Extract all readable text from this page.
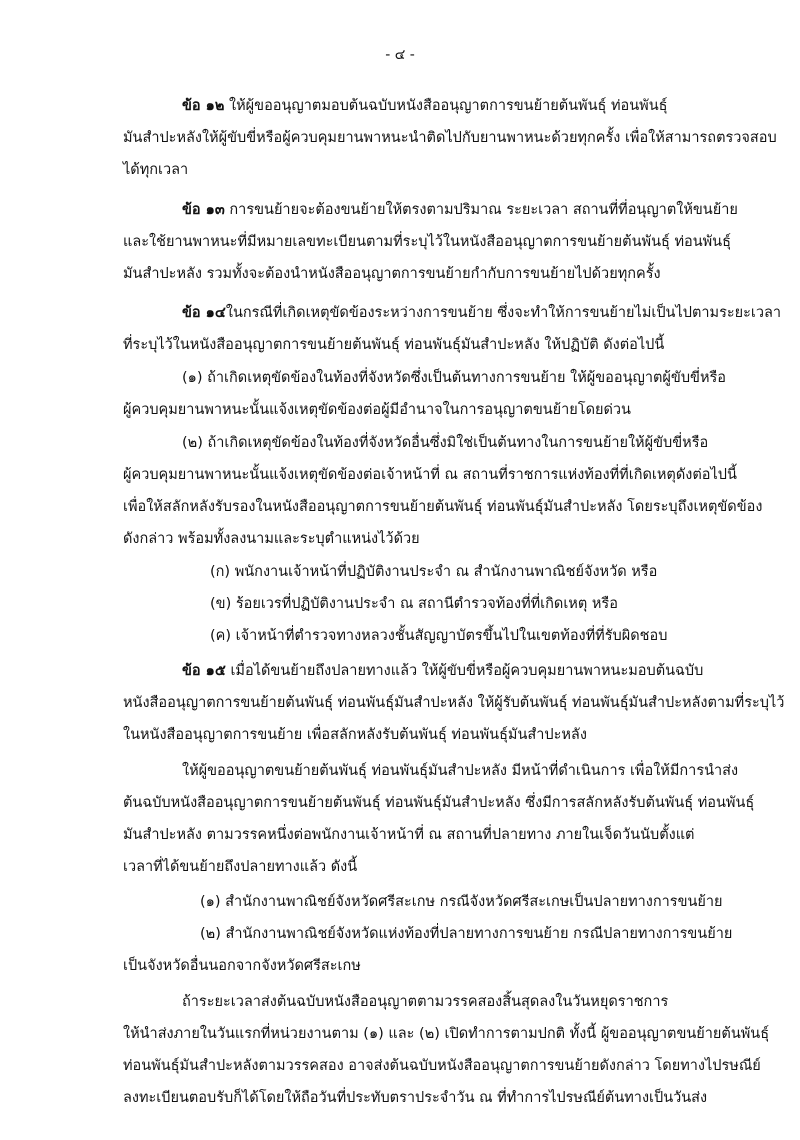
- ๔ -
ข้อ ๑๒ ให้ผู้ขออนุญาตมอบต้นฉบับหนังสืออนุญาตการขนย้ายต้นพันธุ์ ท่อนพันธุ์
มันสำปะหลังให้ผู้ขับขี่หรือผู้ควบคุมยานพาหนะนำติดไปกับยานพาหนะด้วยทุกครั้ง เพื่อให้สามารถตรวจสอบ
ได้ทุกเวลา
ข้อ ๑๓ การขนย้ายจะต้องขนย้ายให้ตรงตามปริมาณ ระยะเวลา สถานที่ที่อนุญาตให้ขนย้าย
และใช้ยานพาหนะที่มีหมายเลขทะเบียนตามที่ระบุไว้ในหนังสืออนุญาตการขนย้ายต้นพันธุ์ ท่อนพันธุ์
มันสำปะหลัง รวมทั้งจะต้องนำหนังสืออนุญาตการขนย้ายกำกับการขนย้ายไปด้วยทุกครั้ง
ข้อ ๑๔ในกรณีที่เกิดเหตุขัดข้องระหว่างการขนย้าย ซึ่งจะทำให้การขนย้ายไม่เป็นไปตามระยะเวลา
ที่ระบุไว้ในหนังสืออนุญาตการขนย้ายต้นพันธุ์ ท่อนพันธุ์มันสำปะหลัง ให้ปฏิบัติ ดังต่อไปนี้
(๑) ถ้าเกิดเหตุขัดข้องในท้องที่จังหวัดซึ่งเป็นต้นทางการขนย้าย ให้ผู้ขออนุญาตผู้ขับขี่หรือ
ผู้ควบคุมยานพาหนะนั้นแจ้งเหตุขัดข้องต่อผู้มีอำนาจในการอนุญาตขนย้ายโดยด่วน
(๒) ถ้าเกิดเหตุขัดข้องในท้องที่จังหวัดอื่นซึ่งมิใช่เป็นต้นทางในการขนย้ายให้ผู้ขับขี่หรือ
ผู้ควบคุมยานพาหนะนั้นแจ้งเหตุขัดข้องต่อเจ้าหน้าที่ ณ สถานที่ราชการแห่งท้องที่ที่เกิดเหตุดังต่อไปนี้
เพื่อให้สลักหลังรับรองในหนังสืออนุญาตการขนย้ายต้นพันธุ์ ท่อนพันธุ์มันสำปะหลัง โดยระบุถึงเหตุขัดข้อง
ดังกล่าว พร้อมทั้งลงนามและระบุตำแหน่งไว้ด้วย
(ก) พนักงานเจ้าหน้าที่ปฏิบัติงานประจำ ณ สำนักงานพาณิชย์จังหวัด หรือ
(ข) ร้อยเวรที่ปฏิบัติงานประจำ ณ สถานีตำรวจท้องที่ที่เกิดเหตุ หรือ
(ค) เจ้าหน้าที่ตำรวจทางหลวงชั้นสัญญาบัตรขึ้นไปในเขตท้องที่ที่รับผิดชอบ
ข้อ ๑๕ เมื่อได้ขนย้ายถึงปลายทางแล้ว ให้ผู้ขับขี่หรือผู้ควบคุมยานพาหนะมอบต้นฉบับ
หนังสืออนุญาตการขนย้ายต้นพันธุ์ ท่อนพันธุ์มันสำปะหลัง ให้ผู้รับต้นพันธุ์ ท่อนพันธุ์มันสำปะหลังตามที่ระบุไว้
ในหนังสืออนุญาตการขนย้าย เพื่อสลักหลังรับต้นพันธุ์ ท่อนพันธุ์มันสำปะหลัง
ให้ผู้ขออนุญาตขนย้ายต้นพันธุ์ ท่อนพันธุ์มันสำปะหลัง มีหน้าที่ดำเนินการ เพื่อให้มีการนำส่ง
ต้นฉบับหนังสืออนุญาตการขนย้ายต้นพันธุ์ ท่อนพันธุ์มันสำปะหลัง ซึ่งมีการสลักหลังรับต้นพันธุ์ ท่อนพันธุ์
มันสำปะหลัง ตามวรรคหนึ่งต่อพนักงานเจ้าหน้าที่ ณ สถานที่ปลายทาง ภายในเจ็ดวันนับตั้งแต่
เวลาที่ได้ขนย้ายถึงปลายทางแล้ว ดังนี้
(๑) สำนักงานพาณิชย์จังหวัดศรีสะเกษ กรณีจังหวัดศรีสะเกษเป็นปลายทางการขนย้าย
(๒) สำนักงานพาณิชย์จังหวัดแห่งท้องที่ปลายทางการขนย้าย กรณีปลายทางการขนย้าย
เป็นจังหวัดอื่นนอกจากจังหวัดศรีสะเกษ
ถ้าระยะเวลาส่งต้นฉบับหนังสืออนุญาตตามวรรคสองสิ้นสุดลงในวันหยุดราชการ
ให้นำส่งภายในวันแรกที่หน่วยงานตาม (๑) และ (๒) เปิดทำการตามปกติ ทั้งนี้ ผู้ขออนุญาตขนย้ายต้นพันธุ์
ท่อนพันธุ์มันสำปะหลังตามวรรคสอง อาจส่งต้นฉบับหนังสืออนุญาตการขนย้ายดังกล่าว โดยทางไปรษณีย์
ลงทะเบียนตอบรับก็ได้โดยให้ถือวันที่ประทับตราประจำวัน ณ ที่ทำการไปรษณีย์ต้นทางเป็นวันส่ง
